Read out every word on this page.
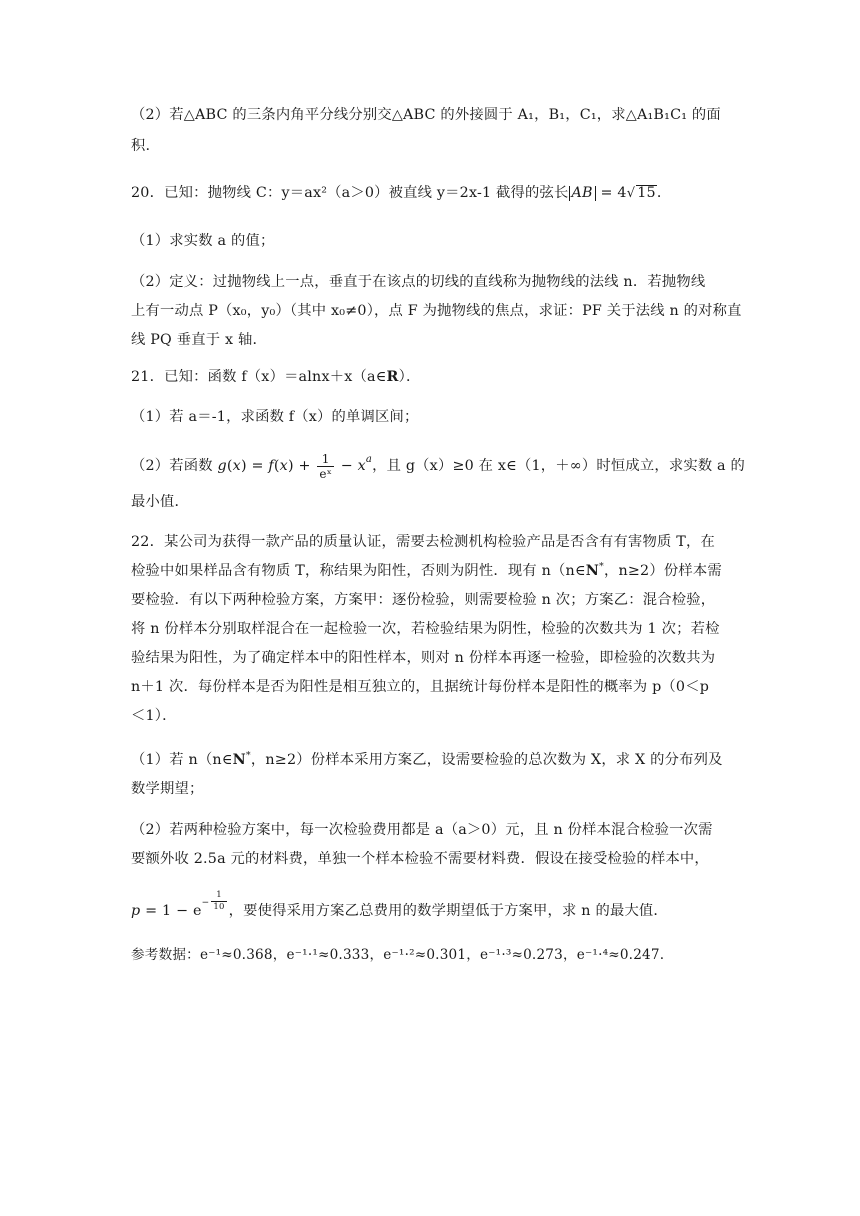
（2）若△ABC 的三条内角平分线分别交△ABC 的外接圆于 A₁，B₁，C₁，求△A₁B₁C₁ 的面
积.
20．已知：抛物线 C：y＝ax²（a＞0）被直线 y＝2x-1 截得的弦长 AB = 4√ 15．
（1）求实数 a 的值；
（2）定义：过抛物线上一点，垂直于在该点的切线的直线称为抛物线的法线 n．若抛物线
上有一动点 P（x₀，y₀）（其中 x₀≠0），点 F 为抛物线的焦点，求证：PF 关于法线 n 的对称直
线 PQ 垂直于 x 轴．
21．已知：函数 f（x）＝alnx＋x（a∈R）．
（1）若 a＝-1，求函数 f（x）的单调区间；
（2）若函数 $g(x) = f(x) + \frac{1}{\text{eˣ}}$ − xa，且 g（x）≥0 在 x∈（1，＋∞）时恒成立，求实数 a 的
最小值．
22．某公司为获得一款产品的质量认证，需要去检测机构检验产品是否含有有害物质 T，在
检验中如果样品含有物质 T，称结果为阳性，否则为阴性．现有 n（n∈N*，n≥2）份样本需
要检验．有以下两种检验方案，方案甲：逐份检验，则需要检验 n 次；方案乙：混合检验，
将 n 份样本分别取样混合在一起检验一次，若检验结果为阴性，检验的次数共为 1 次；若检
验结果为阳性，为了确定样本中的阳性样本，则对 n 份样本再逐一检验，即检验的次数共为
n＋1 次．每份样本是否为阳性是相互独立的，且据统计每份样本是阳性的概率为 p（0＜p
＜1）．
（1）若 n（n∈N*，n≥2）份样本采用方案乙，设需要检验的总次数为 X，求 X 的分布列及
数学期望；
（2）若两种检验方案中，每一次检验费用都是 a（a＞0）元，且 n 份样本混合检验一次需
要额外收 2.5a 元的材料费，单独一个样本检验不需要材料费．假设在接受检验的样本中，
$p = 1 - e- \frac{1}{10}$ ，要使得采用方案乙总费用的数学期望低于方案甲，求 n 的最大值．
参考数据：e⁻¹≈0.368，e⁻¹·¹≈0.333，e⁻¹·²≈0.301，e⁻¹·³≈0.273，e⁻¹·⁴≈0.247.
